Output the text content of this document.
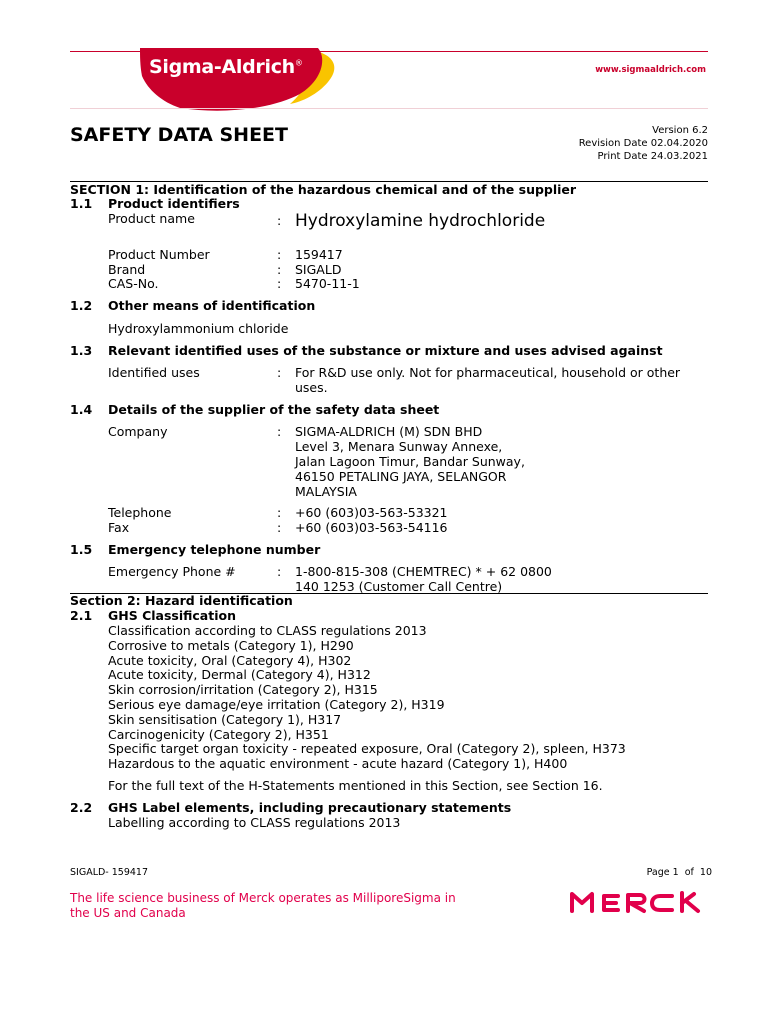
Sigma-Aldrich®
www.sigmaaldrich.com
SAFETY DATA SHEET	Version 6.2
Revision Date 02.04.2020
Print Date 24.03.2021
SECTION 1: Identification of the hazardous chemical and of the supplier
1.1 Product identifiers
Product name	: Hydroxylamine hydrochloride
Product Number	: 159417
Brand	: SIGALD
CAS-No.	: 5470-11-1
1.2 Other means of identification
Hydroxylammonium chloride
1.3 Relevant identified uses of the substance or mixture and uses advised against
Identified uses	: For R&D use only. Not for pharmaceutical, household or other
uses.
1.4 Details of the supplier of the safety data sheet
Company	: SIGMA-ALDRICH (M) SDN BHD
Level 3, Menara Sunway Annexe,
Jalan Lagoon Timur, Bandar Sunway,
46150 PETALING JAYA, SELANGOR
MALAYSIA
Telephone	: +60 (603)03-563-53321
Fax	: +60 (603)03-563-54116
1.5 Emergency telephone number
Emergency Phone #	: 1-800-815-308 (CHEMTREC) * + 62 0800
140 1253 (Customer Call Centre)
Section 2: Hazard identification
2.1 GHS Classification
Classification according to CLASS regulations 2013
Corrosive to metals (Category 1), H290
Acute toxicity, Oral (Category 4), H302
Acute toxicity, Dermal (Category 4), H312
Skin corrosion/irritation (Category 2), H315
Serious eye damage/eye irritation (Category 2), H319
Skin sensitisation (Category 1), H317
Carcinogenicity (Category 2), H351
Specific target organ toxicity - repeated exposure, Oral (Category 2), spleen, H373
Hazardous to the aquatic environment - acute hazard (Category 1), H400
For the full text of the H-Statements mentioned in this Section, see Section 16.
2.2 GHS Label elements, including precautionary statements
Labelling according to CLASS regulations 2013
SIGALD- 159417	Page 1  of  10
The life science business of Merck operates as MilliporeSigma in
the US and Canada
